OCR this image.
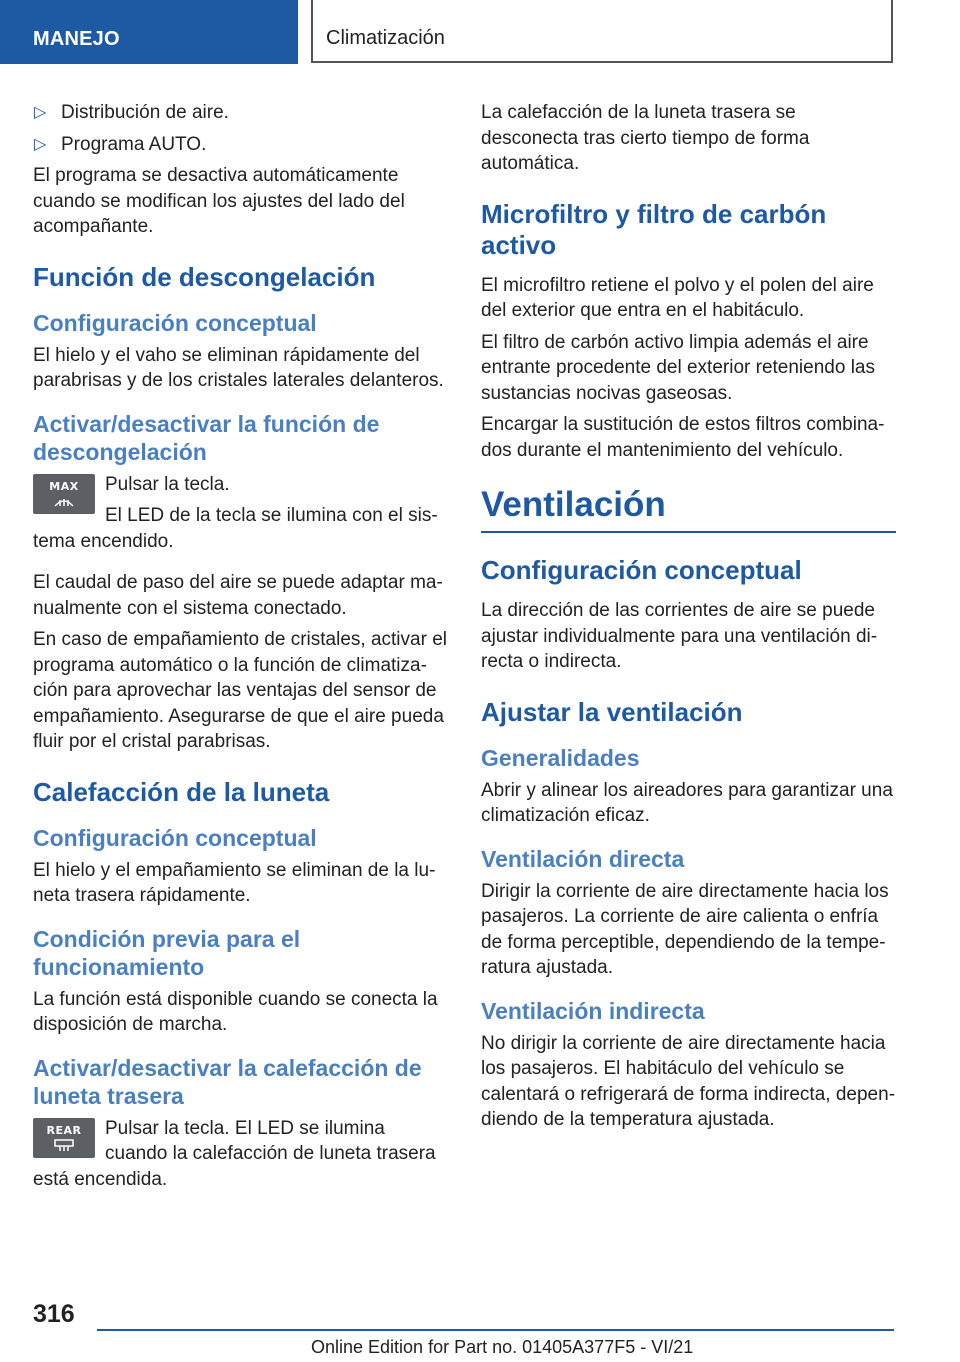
MANEJO	Climatización
▷ Distribución de aire.
▷ Programa AUTO.

El programa se desactiva automáticamente cuando se modifican los ajustes del lado del acompañante.

Función de descongelación
Configuración conceptual

El hielo y el vaho se eliminan rápidamente del parabrisas y de los cristales laterales delanteros.

Activar/desactivar la función de descongelación
MAX	Pulsar la tecla.

El LED de la tecla se ilumina con el sistema encendido.

El caudal de paso del aire se puede adaptar manualmente con el sistema conectado.

En caso de empañamiento de cristales, activar el programa automático o la función de climatización para aprovechar las ventajas del sensor de empañamiento. Asegurarse de que el aire pueda fluir por el cristal parabrisas.

Calefacción de la luneta
Configuración conceptual

El hielo y el empañamiento se eliminan de la luneta trasera rápidamente.

Condición previa para el funcionamiento

La función está disponible cuando se conecta la disposición de marcha.

Activar/desactivar la calefacción de luneta trasera
REAR	Pulsar la tecla. El LED se ilumina cuando la calefacción de luneta trasera está encendida.

La calefacción de la luneta trasera se desconecta tras cierto tiempo de forma automática.

Microfiltro y filtro de carbón activo

El microfiltro retiene el polvo y el polen del aire del exterior que entra en el habitáculo.

El filtro de carbón activo limpia además el aire entrante procedente del exterior reteniendo las sustancias nocivas gaseosas.

Encargar la sustitución de estos filtros combinados durante el mantenimiento del vehículo.

Ventilación
Configuración conceptual

La dirección de las corrientes de aire se puede ajustar individualmente para una ventilación directa o indirecta.

Ajustar la ventilación
Generalidades

Abrir y alinear los aireadores para garantizar una climatización eficaz.

Ventilación directa

Dirigir la corriente de aire directamente hacia los pasajeros. La corriente de aire calienta o enfría de forma perceptible, dependiendo de la temperatura ajustada.

Ventilación indirecta

No dirigir la corriente de aire directamente hacia los pasajeros. El habitáculo del vehículo se calentará o refrigerará de forma indirecta, dependiendo de la temperatura ajustada.

316
Online Edition for Part no. 01405A377F5 - VI/21
